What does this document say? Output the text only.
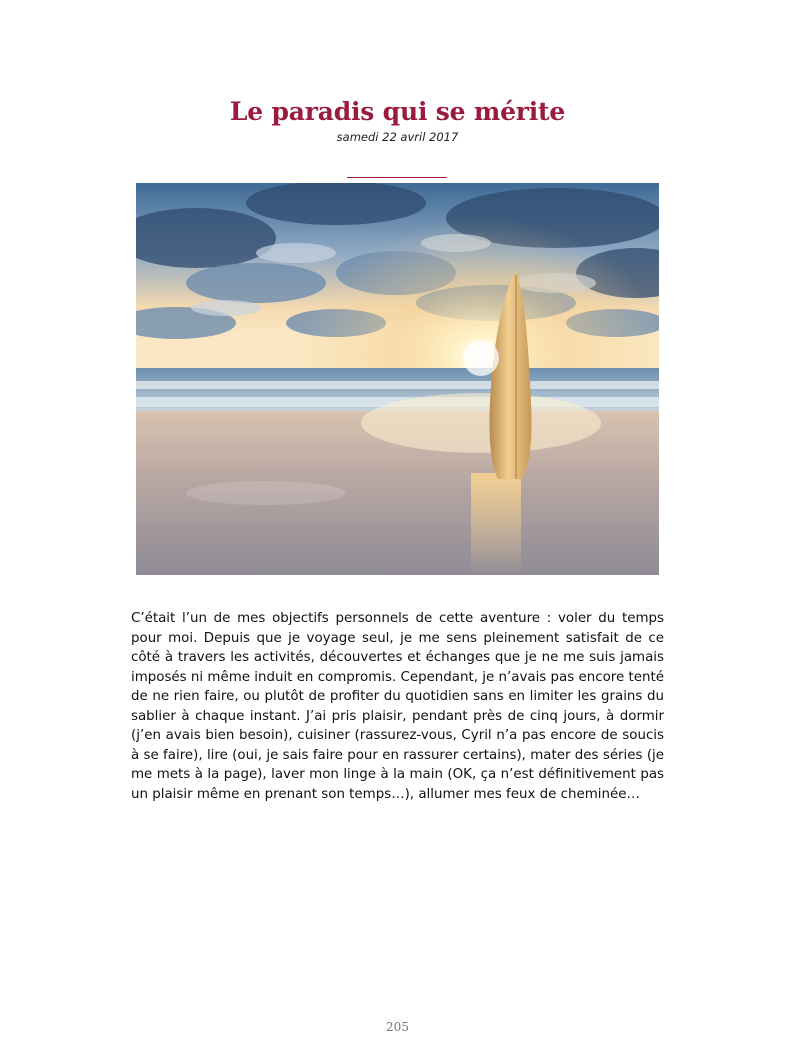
Le paradis qui se mérite
samedi 22 avril 2017
C’était l’un de mes objectifs personnels de cette aventure : voler du temps pour moi. Depuis que je voyage seul, je me sens pleinement satisfait de ce côté à travers les activités, découvertes et échanges que je ne me suis jamais imposés ni même induit en compromis. Cependant, je n’avais pas encore tenté de ne rien faire, ou plutôt de profiter du quotidien sans en limiter les grains du sablier à chaque instant. J’ai pris plaisir, pendant près de cinq jours, à dormir (j’en avais bien besoin), cuisiner (rassurez-vous, Cyril n’a pas encore de soucis à se faire), lire (oui, je sais faire pour en rassurer certains), mater des séries (je me mets à la page), laver mon linge à la main (OK, ça n’est définitivement pas un plaisir même en prenant son temps…), allumer mes feux de cheminée…
205
